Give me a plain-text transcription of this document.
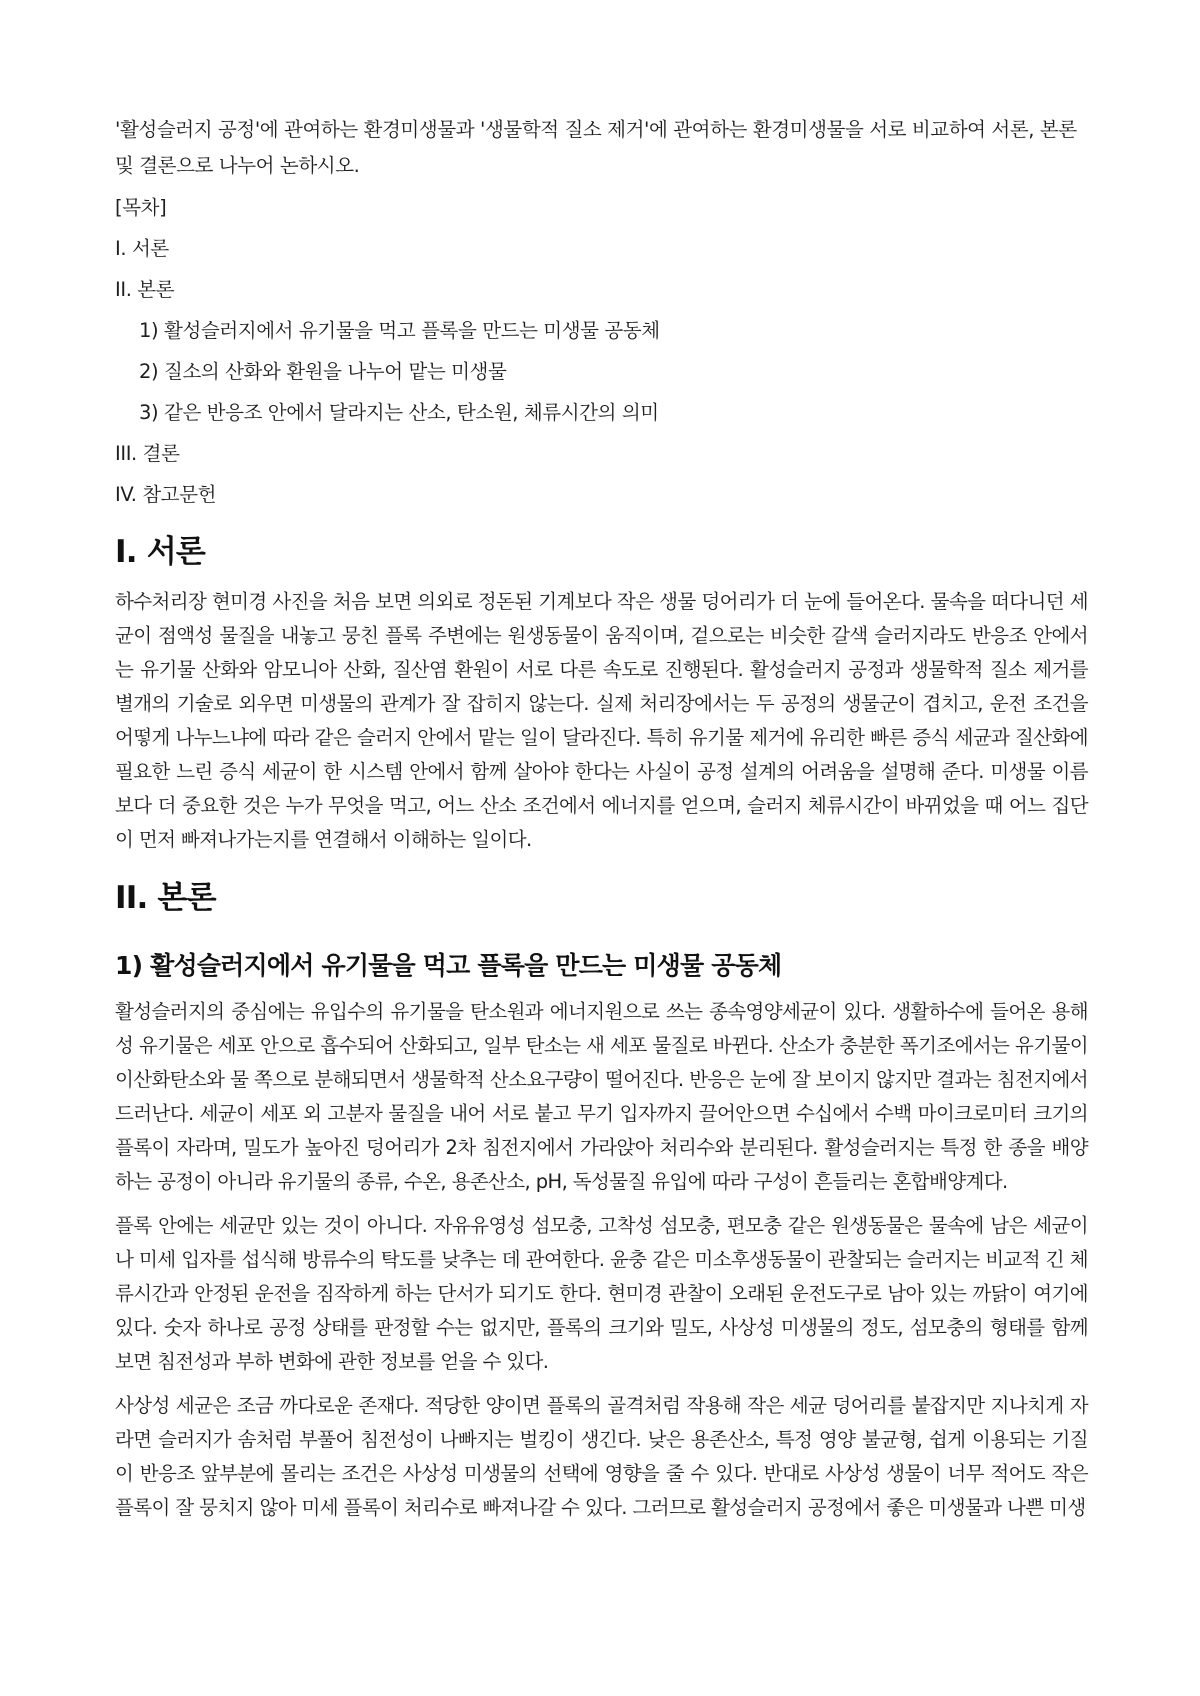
'활성슬러지 공정'에 관여하는 환경미생물과 '생물학적 질소 제거'에 관여하는 환경미생물을 서로 비교하여 서론, 본론 및 결론으로 나누어 논하시오.

[목차]
I. 서론
II. 본론
1) 활성슬러지에서 유기물을 먹고 플록을 만드는 미생물 공동체
2) 질소의 산화와 환원을 나누어 맡는 미생물
3) 같은 반응조 안에서 달라지는 산소, 탄소원, 체류시간의 의미
III. 결론
IV. 참고문헌
I. 서론

하수처리장 현미경 사진을 처음 보면 의외로 정돈된 기계보다 작은 생물 덩어리가 더 눈에 들어온다. 물속을 떠다니던 세균이 점액성 물질을 내놓고 뭉친 플록 주변에는 원생동물이 움직이며, 겉으로는 비슷한 갈색 슬러지라도 반응조 안에서는 유기물 산화와 암모니아 산화, 질산염 환원이 서로 다른 속도로 진행된다. 활성슬러지 공정과 생물학적 질소 제거를 별개의 기술로 외우면 미생물의 관계가 잘 잡히지 않는다. 실제 처리장에서는 두 공정의 생물군이 겹치고, 운전 조건을 어떻게 나누느냐에 따라 같은 슬러지 안에서 맡는 일이 달라진다. 특히 유기물 제거에 유리한 빠른 증식 세균과 질산화에 필요한 느린 증식 세균이 한 시스템 안에서 함께 살아야 한다는 사실이 공정 설계의 어려움을 설명해 준다. 미생물 이름보다 더 중요한 것은 누가 무엇을 먹고, 어느 산소 조건에서 에너지를 얻으며, 슬러지 체류시간이 바뀌었을 때 어느 집단이 먼저 빠져나가는지를 연결해서 이해하는 일이다.

II. 본론
1) 활성슬러지에서 유기물을 먹고 플록을 만드는 미생물 공동체

활성슬러지의 중심에는 유입수의 유기물을 탄소원과 에너지원으로 쓰는 종속영양세균이 있다. 생활하수에 들어온 용해성 유기물은 세포 안으로 흡수되어 산화되고, 일부 탄소는 새 세포 물질로 바뀐다. 산소가 충분한 폭기조에서는 유기물이 이산화탄소와 물 쪽으로 분해되면서 생물학적 산소요구량이 떨어진다. 반응은 눈에 잘 보이지 않지만 결과는 침전지에서 드러난다. 세균이 세포 외 고분자 물질을 내어 서로 붙고 무기 입자까지 끌어안으면 수십에서 수백 마이크로미터 크기의 플록이 자라며, 밀도가 높아진 덩어리가 2차 침전지에서 가라앉아 처리수와 분리된다. 활성슬러지는 특정 한 종을 배양하는 공정이 아니라 유기물의 종류, 수온, 용존산소, pH, 독성물질 유입에 따라 구성이 흔들리는 혼합배양계다.

플록 안에는 세균만 있는 것이 아니다. 자유유영성 섬모충, 고착성 섬모충, 편모충 같은 원생동물은 물속에 남은 세균이나 미세 입자를 섭식해 방류수의 탁도를 낮추는 데 관여한다. 윤충 같은 미소후생동물이 관찰되는 슬러지는 비교적 긴 체류시간과 안정된 운전을 짐작하게 하는 단서가 되기도 한다. 현미경 관찰이 오래된 운전도구로 남아 있는 까닭이 여기에 있다. 숫자 하나로 공정 상태를 판정할 수는 없지만, 플록의 크기와 밀도, 사상성 미생물의 정도, 섬모충의 형태를 함께 보면 침전성과 부하 변화에 관한 정보를 얻을 수 있다.

사상성 세균은 조금 까다로운 존재다. 적당한 양이면 플록의 골격처럼 작용해 작은 세균 덩어리를 붙잡지만 지나치게 자라면 슬러지가 솜처럼 부풀어 침전성이 나빠지는 벌킹이 생긴다. 낮은 용존산소, 특정 영양 불균형, 쉽게 이용되는 기질이 반응조 앞부분에 몰리는 조건은 사상성 미생물의 선택에 영향을 줄 수 있다. 반대로 사상성 생물이 너무 적어도 작은 플록이 잘 뭉치지 않아 미세 플록이 처리수로 빠져나갈 수 있다. 그러므로 활성슬러지 공정에서 좋은 미생물과 나쁜 미생
